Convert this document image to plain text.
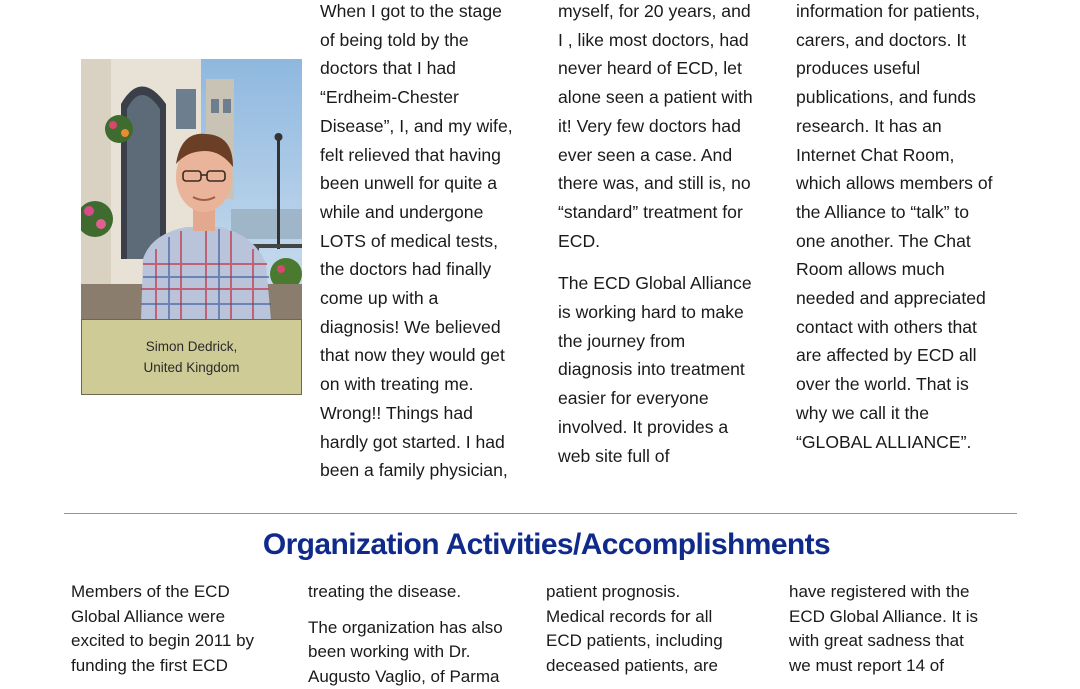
Simon Dedrick,
United Kingdom

When I got to the stage
of being told by the
doctors that I had
“Erdheim-Chester
Disease”, I, and my wife,
felt relieved that having
been unwell for quite a
while and undergone
LOTS of medical tests,
the doctors had finally
come up with a
diagnosis! We believed
that now they would get
on with treating me.
Wrong!! Things had
hardly got started. I had
been a family physician,

myself, for 20 years, and
I , like most doctors, had
never heard of ECD, let
alone seen a patient with
it! Very few doctors had
ever seen a case. And
there was, and still is, no
“standard” treatment for
ECD.

The ECD Global Alliance
is working hard to make
the journey from
diagnosis into treatment
easier for everyone
involved. It provides a
web site full of

information for patients,
carers, and doctors. It
produces useful
publications, and funds
research. It has an
Internet Chat Room,
which allows members of
the Alliance to “talk” to
one another. The Chat
Room allows much
needed and appreciated
contact with others that
are affected by ECD all
over the world. That is
why we call it the
“GLOBAL ALLIANCE”.

Organization Activities/Accomplishments

Members of the ECD
Global Alliance were
excited to begin 2011 by
funding the first ECD

treating the disease.

The organization has also
been working with Dr.
Augusto Vaglio, of Parma

patient prognosis.
Medical records for all
ECD patients, including
deceased patients, are

have registered with the
ECD Global Alliance. It is
with great sadness that
we must report 14 of
